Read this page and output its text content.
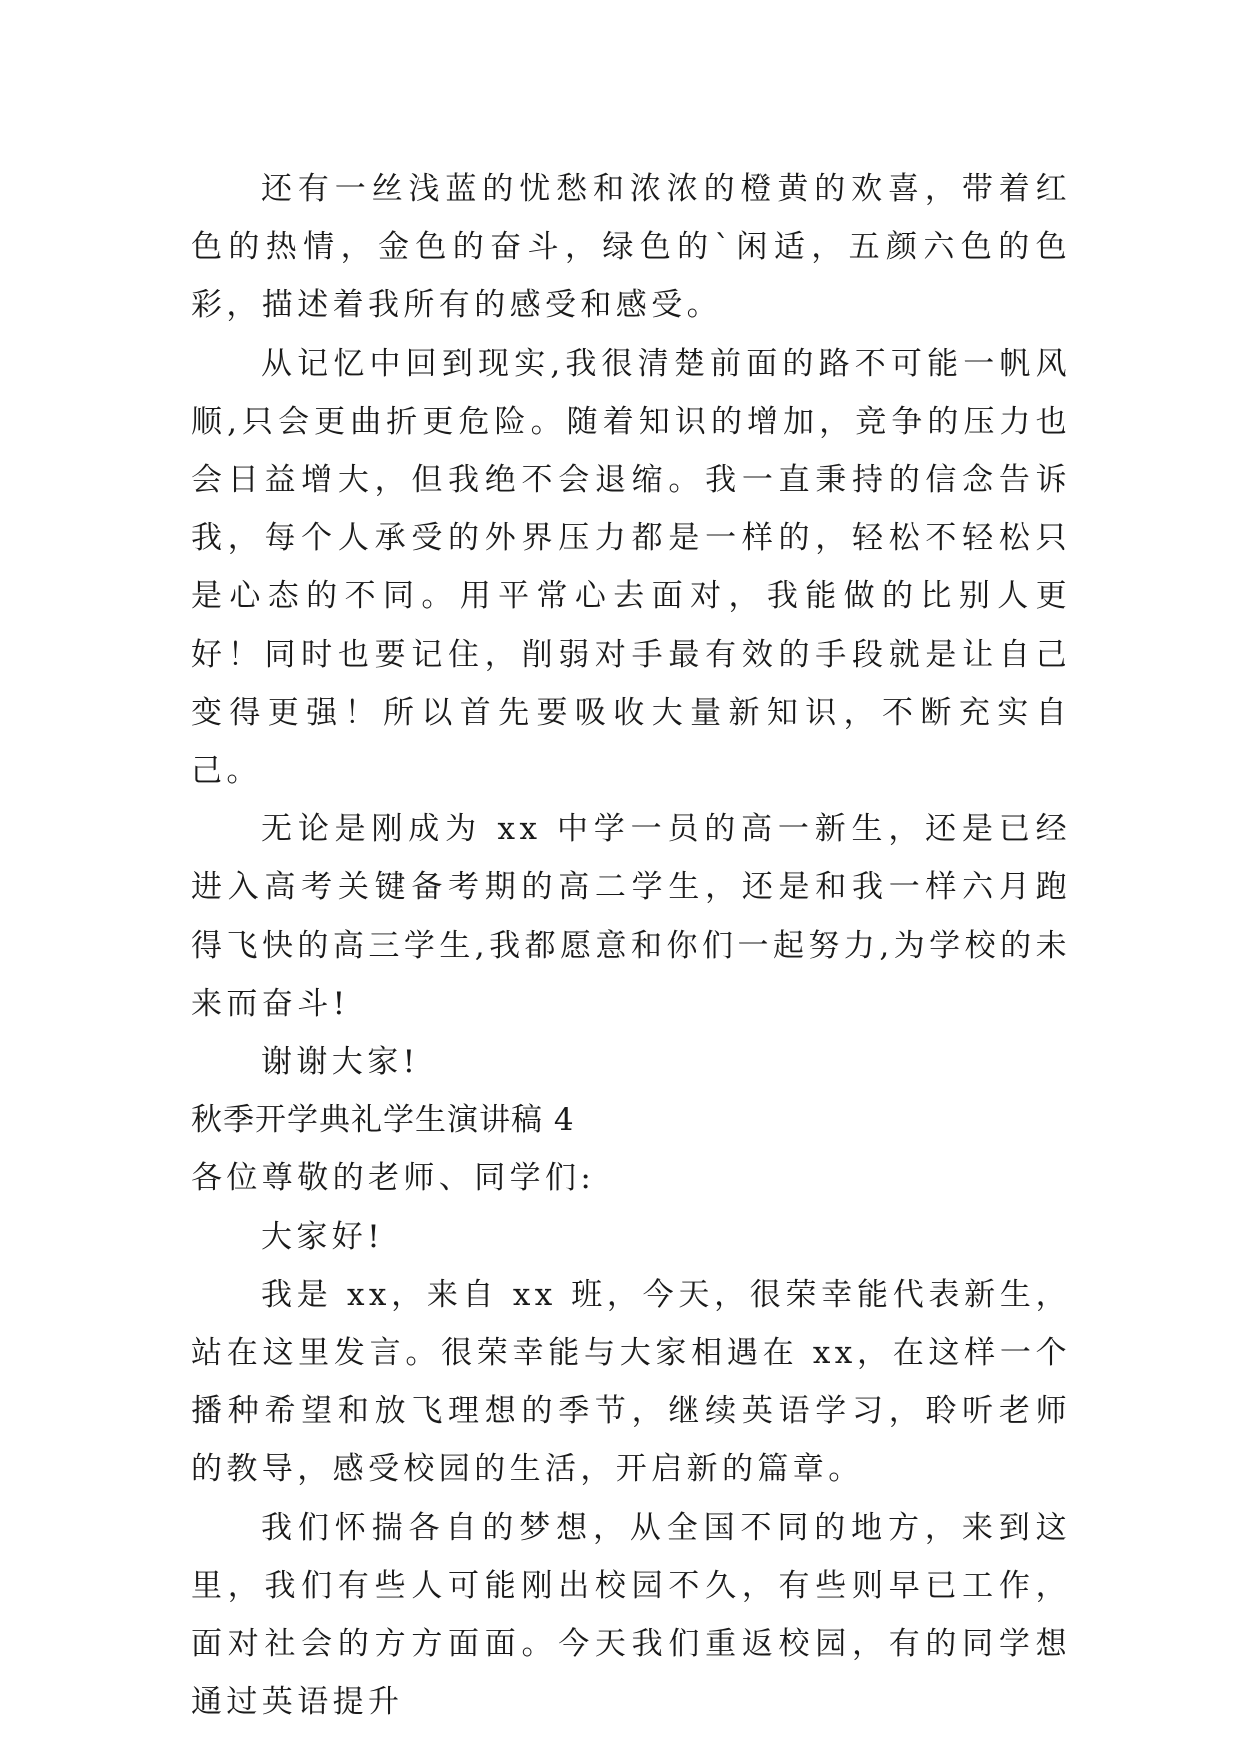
还有一丝浅蓝的忧愁和浓浓的橙黄的欢喜，带着红色的热情，金色的奋斗，绿色的`闲适，五颜六色的色彩，描述着我所有的感受和感受。

从记忆中回到现实,我很清楚前面的路不可能一帆风顺,只会更曲折更危险。随着知识的增加，竞争的压力也会日益增大，但我绝不会退缩。我一直秉持的信念告诉我，每个人承受的外界压力都是一样的，轻松不轻松只是心态的不同。用平常心去面对，我能做的比别人更好！同时也要记住，削弱对手最有效的手段就是让自己变得更强！所以首先要吸收大量新知识，不断充实自己。

无论是刚成为 xx 中学一员的高一新生，还是已经进入高考关键备考期的高二学生，还是和我一样六月跑得飞快的高三学生,我都愿意和你们一起努力,为学校的未来而奋斗!

谢谢大家!

秋季开学典礼学生演讲稿 4

各位尊敬的老师、同学们:

大家好!

我是 xx，来自 xx 班，今天，很荣幸能代表新生，站在这里发言。很荣幸能与大家相遇在 xx，在这样一个播种希望和放飞理想的季节，继续英语学习，聆听老师的教导，感受校园的生活，开启新的篇章。

我们怀揣各自的梦想，从全国不同的地方，来到这里，我们有些人可能刚出校园不久，有些则早已工作，面对社会的方方面面。今天我们重返校园，有的同学想通过英语提升
